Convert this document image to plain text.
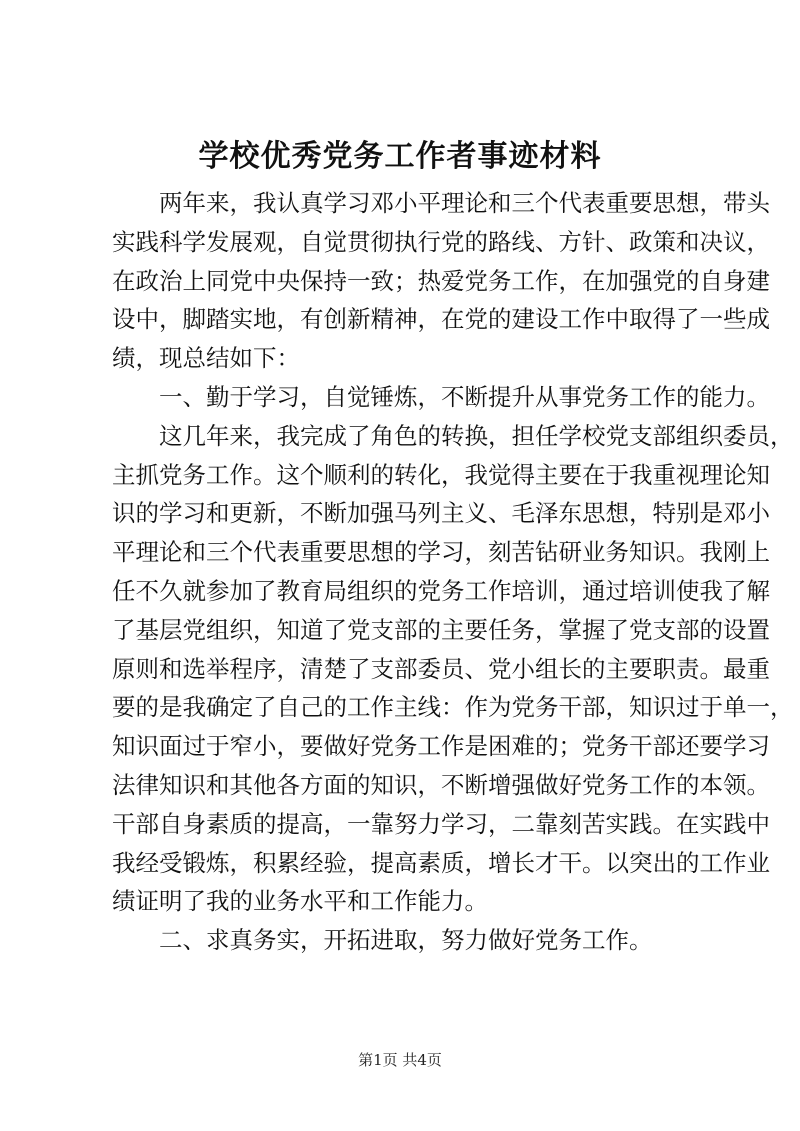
学校优秀党务工作者事迹材料
两年来，我认真学习邓小平理论和三个代表重要思想，带头
实践科学发展观，自觉贯彻执行党的路线、方针、政策和决议，
在政治上同党中央保持一致；热爱党务工作，在加强党的自身建
设中，脚踏实地，有创新精神，在党的建设工作中取得了一些成
绩，现总结如下：
一、勤于学习，自觉锤炼，不断提升从事党务工作的能力。
这几年来，我完成了角色的转换，担任学校党支部组织委员，
主抓党务工作。这个顺利的转化，我觉得主要在于我重视理论知
识的学习和更新，不断加强马列主义、毛泽东思想，特别是邓小
平理论和三个代表重要思想的学习，刻苦钻研业务知识。我刚上
任不久就参加了教育局组织的党务工作培训，通过培训使我了解
了基层党组织，知道了党支部的主要任务，掌握了党支部的设置
原则和选举程序，清楚了支部委员、党小组长的主要职责。最重
要的是我确定了自己的工作主线：作为党务干部，知识过于单一，
知识面过于窄小，要做好党务工作是困难的；党务干部还要学习
法律知识和其他各方面的知识，不断增强做好党务工作的本领。
干部自身素质的提高，一靠努力学习，二靠刻苦实践。在实践中
我经受锻炼，积累经验，提高素质，增长才干。以突出的工作业
绩证明了我的业务水平和工作能力。
二、求真务实，开拓进取，努力做好党务工作。
第1页 共4页
